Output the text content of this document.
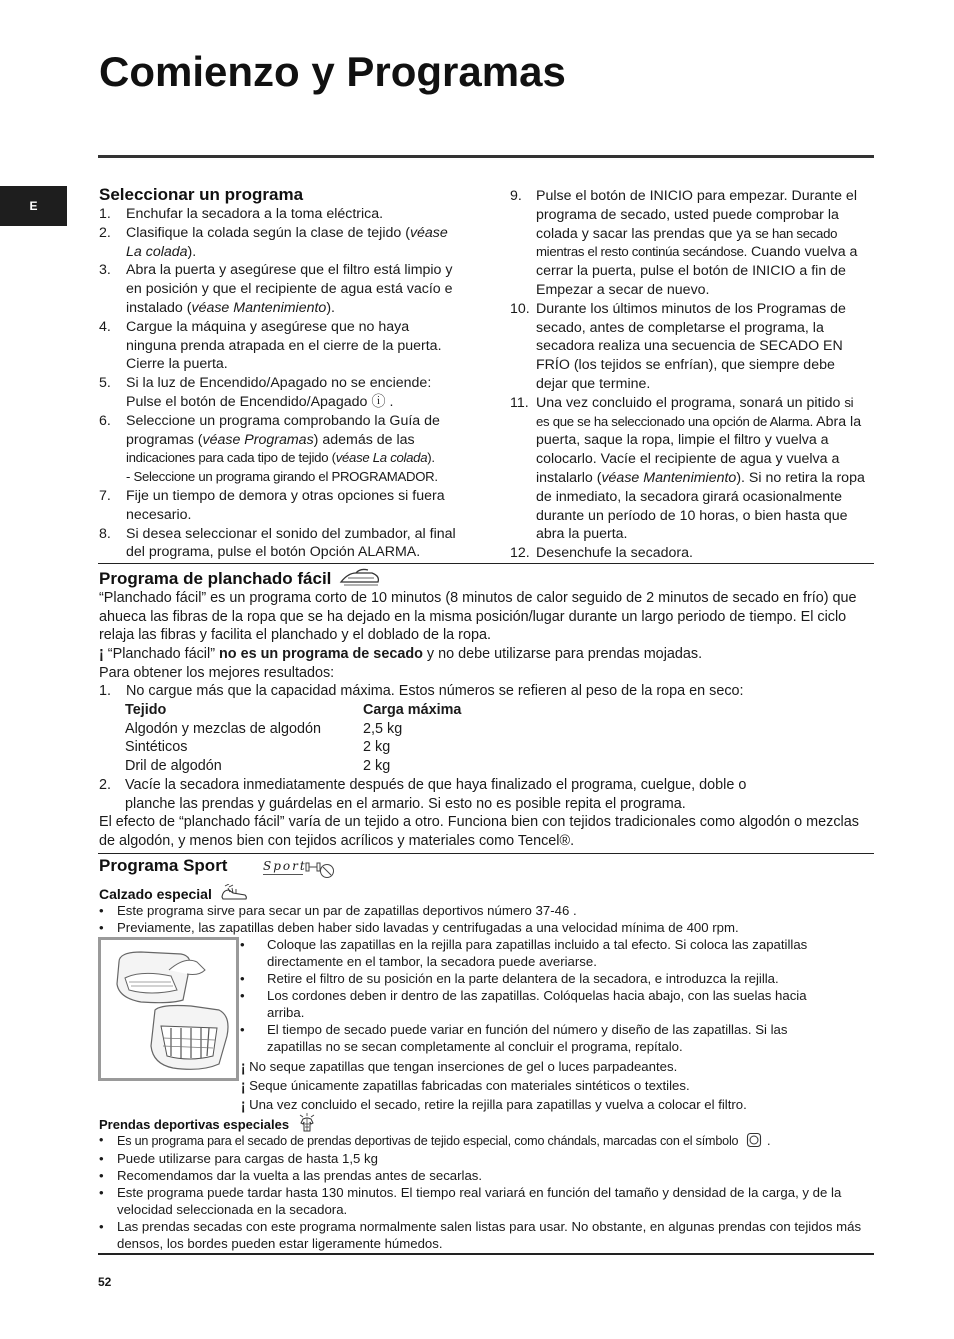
Comienzo y Programas
E
Seleccionar un programa
1.	Enchufar la secadora a la toma eléctrica.
2.	Clasifique la colada según la clase de tejido (véase La colada).
3.	Abra la puerta y asegúrese que el filtro está limpio y en posición y que el recipiente de agua está vacío e instalado (véase Mantenimiento).
4.	Cargue la máquina y asegúrese que no haya ninguna prenda atrapada en el cierre de la puerta. Cierre la puerta.
5.	Si la luz de Encendido/Apagado no se enciende: Pulse el botón de Encendido/Apagado ⓘ .
6.	Seleccione un programa comprobando la Guía de programas (véase Programas) además de las indicaciones para cada tipo de tejido (véase La colada).
- Seleccione un programa girando el PROGRAMADOR.
7.	Fije un tiempo de demora y otras opciones si fuera necesario.
8.	Si desea seleccionar el sonido del zumbador, al final del programa, pulse el botón Opción ALARMA.
9. Pulse el botón de INICIO para empezar. Durante el programa de secado, usted puede comprobar la colada y sacar las prendas que ya se han secado mientras el resto continúa secándose. Cuando vuelva a cerrar la puerta, pulse el botón de INICIO a fin de Empezar a secar de nuevo.
10. Durante los últimos minutos de los Programas de secado, antes de completarse el programa, la secadora realiza una secuencia de SECADO EN FRÍO (los tejidos se enfrían), que siempre debe dejar que termine.
11. Una vez concluido el programa, sonará un pitido si es que se ha seleccionado una opción de Alarma. Abra la puerta, saque la ropa, limpie el filtro y vuelva a colocarlo. Vacíe el recipiente de agua y vuelva a instalarlo (véase Mantenimiento). Si no retira la ropa de inmediato, la secadora girará ocasionalmente durante un período de 10 horas, o bien hasta que abra la puerta.
12. Desenchufe la secadora.
Programa de planchado fácil
“Planchado fácil” es un programa corto de 10 minutos (8 minutos de calor seguido de 2 minutos de secado en frío) que ahueca las fibras de la ropa que se ha dejado en la misma posición/lugar durante un largo periodo de tiempo. El ciclo relaja las fibras y facilita el planchado y el doblado de la ropa.
¡ “Planchado fácil” no es un programa de secado y no debe utilizarse para prendas mojadas.
Para obtener los mejores resultados:
1.	No cargue más que la capacidad máxima. Estos números se refieren al peso de la ropa en seco:
Tejido	Carga máxima
Algodón y mezclas de algodón	2,5 kg
Sintéticos	2 kg
Dril de algodón	2 kg
2. Vacíe la secadora inmediatamente después de que haya finalizado el programa, cuelgue, doble o planche las prendas y guárdelas en el armario. Si esto no es posible repita el programa.
El efecto de “planchado fácil” varía de un tejido a otro. Funciona bien con tejidos tradicionales como algodón o mezclas de algodón, y menos bien con tejidos acrílicos y materiales como Tencel®.
Programa Sport	Sport
Calzado especial
•	Este programa sirve para secar un par de zapatillas deportivos número 37-46 .
•	Previamente, las zapatillas deben haber sido lavadas y centrifugadas a una velocidad mínima de 400 rpm.
•	Coloque las zapatillas en la rejilla para zapatillas incluido a tal efecto. Si coloca las zapatillas directamente en el tambor, la secadora puede averiarse.
•	Retire el filtro de su posición en la parte delantera de la secadora, e introduzca la rejilla.
•	Los cordones deben ir dentro de las zapatillas. Colóquelas hacia abajo, con las suelas hacia arriba.
•	El tiempo de secado puede variar en función del número y diseño de las zapatillas. Si las zapatillas no se secan completamente al concluir el programa, repítalo.
¡ No seque zapatillas que tengan inserciones de gel o luces parpadeantes.
¡ Seque únicamente zapatillas fabricadas con materiales sintéticos o textiles.
¡ Una vez concluido el secado, retire la rejilla para zapatillas y vuelva a colocar el filtro.
Prendas deportivas especiales
•	Es un programa para el secado de prendas deportivas de tejido especial, como chándals, marcadas con el símbolo  .
•	Puede utilizarse para cargas de hasta 1,5 kg
•	Recomendamos dar la vuelta a las prendas antes de secarlas.
•	Este programa puede tardar hasta 130 minutos. El tiempo real variará en función del tamaño y densidad de la carga, y de la velocidad seleccionada en la secadora.
•	Las prendas secadas con este programa normalmente salen listas para usar. No obstante, en algunas prendas con tejidos más densos, los bordes pueden estar ligeramente húmedos.
52
